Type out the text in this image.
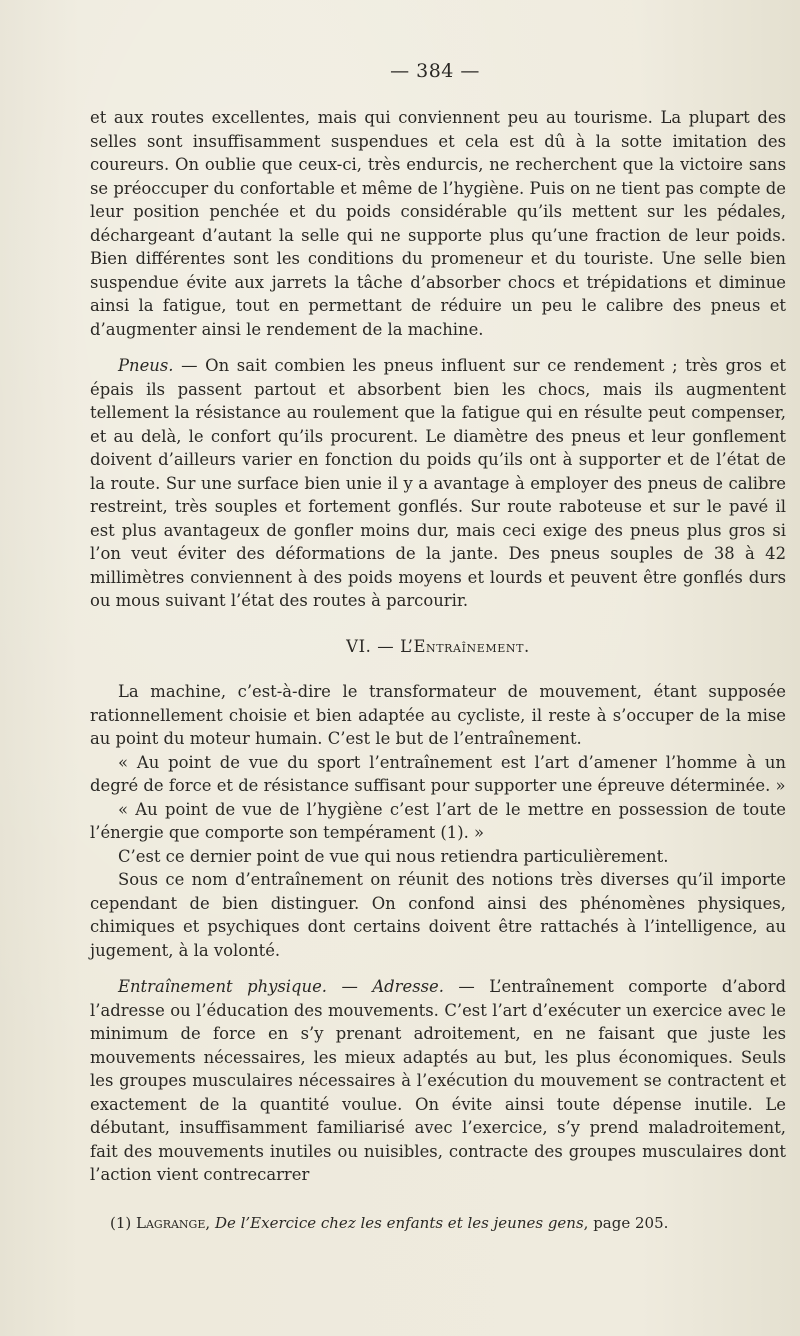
— 384 —

et aux routes excellentes, mais qui conviennent peu au tourisme. La plupart des selles sont insuffisamment suspendues et cela est dû à la sotte imitation des coureurs. On oublie que ceux-ci, très endurcis, ne recherchent que la victoire sans se préoccuper du confortable et même de l’hygiène. Puis on ne tient pas compte de leur position penchée et du poids considérable qu’ils mettent sur les pédales, déchargeant d’autant la selle qui ne supporte plus qu’une fraction de leur poids. Bien différentes sont les conditions du promeneur et du touriste. Une selle bien suspendue évite aux jarrets la tâche d’absorber chocs et trépidations et diminue ainsi la fatigue, tout en permettant de réduire un peu le calibre des pneus et d’augmenter ainsi le rendement de la machine.

Pneus. — On sait combien les pneus influent sur ce rendement ; très gros et épais ils passent partout et absorbent bien les chocs, mais ils augmentent tellement la résistance au roulement que la fatigue qui en résulte peut compenser, et au delà, le confort qu’ils procurent. Le diamètre des pneus et leur gonflement doivent d’ailleurs varier en fonction du poids qu’ils ont à supporter et de l’état de la route. Sur une surface bien unie il y a avantage à employer des pneus de calibre restreint, très souples et fortement gonflés. Sur route raboteuse et sur le pavé il est plus avantageux de gonfler moins dur, mais ceci exige des pneus plus gros si l’on veut éviter des déformations de la jante. Des pneus souples de 38 à 42 millimètres conviennent à des poids moyens et lourds et peuvent être gonflés durs ou mous suivant l’état des routes à parcourir.

VI. — L’Entraînement.

La machine, c’est-à-dire le transformateur de mouvement, étant supposée rationnellement choisie et bien adaptée au cycliste, il reste à s’occuper de la mise au point du moteur humain. C’est le but de l’entraînement.

« Au point de vue du sport l’entraînement est l’art d’amener l’homme à un degré de force et de résistance suffisant pour supporter une épreuve déterminée. »

« Au point de vue de l’hygiène c’est l’art de le mettre en possession de toute l’énergie que comporte son tempérament (1). »

C’est ce dernier point de vue qui nous retiendra particulièrement.

Sous ce nom d’entraînement on réunit des notions très diverses qu’il importe cependant de bien distinguer. On confond ainsi des phénomènes physiques, chimiques et psychiques dont certains doivent être rattachés à l’intelligence, au jugement, à la volonté.

Entraînement physique. — Adresse. — L’entraînement comporte d’abord l’adresse ou l’éducation des mouvements. C’est l’art d’exécuter un exercice avec le minimum de force en s’y prenant adroitement, en ne faisant que juste les mouvements nécessaires, les mieux adaptés au but, les plus économiques. Seuls les groupes musculaires nécessaires à l’exécution du mouvement se contractent et exactement de la quantité voulue. On évite ainsi toute dépense inutile. Le débutant, insuffisamment familiarisé avec l’exercice, s’y prend maladroitement, fait des mouvements inutiles ou nuisibles, contracte des groupes musculaires dont l’action vient contrecarrer

(1) Lagrange, De l’Exercice chez les enfants et les jeunes gens, page 205.
